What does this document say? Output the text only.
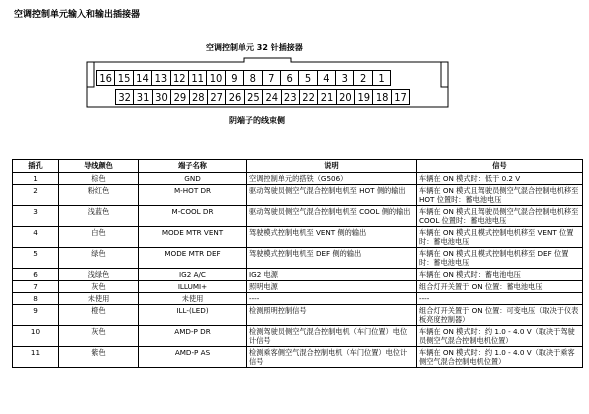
空调控制单元输入和输出插接器
空调控制单元 32 针插接器
16 15 14 13 12 11 10 9	8	7	6	5	4	3	2	1
32 31 30 29 28 27 26 25 24 23 22 21 20 19 18 17
阴端子的线束侧
插孔	导线颜色	端子名称	说明	信号
1	棕色	GND	空调控制单元的搭铁（G506）	车辆在 ON 模式时：低于 0.2 V
2	粉红色	M-HOT DR	驱动驾驶员侧空气混合控制电机至 HOT 侧的输出	车辆在 ON 模式且驾驶员侧空气混合控制电机移至 HOT 位置时：蓄电池电压
3	浅蓝色	M-COOL DR	驱动驾驶员侧空气混合控制电机至 COOL 侧的输出	车辆在 ON 模式且驾驶员侧空气混合控制电机移至 COOL 位置时：蓄电池电压
4	白色	MODE MTR VENT	驾驶模式控制电机至 VENT 侧的输出	车辆在 ON 模式且模式控制电机移至 VENT 位置时：蓄电池电压
5	绿色	MODE MTR DEF	驾驶模式控制电机至 DEF 侧的输出	车辆在 ON 模式且模式控制电机移至 DEF 位置时：蓄电池电压
6	浅绿色	IG2 A/C	IG2 电源	车辆在 ON 模式时：蓄电池电压
7	灰色	ILLUMI+	照明电源	组合灯开关置于 ON 位置：蓄电池电压
8	未使用	未使用	----	----
9	橙色	ILL-(LED)	检测照明控制信号	组合灯开关置于 ON 位置：可变电压（取决于仪表板亮度控制器）
10	灰色	AMD-P DR	检测驾驶员侧空气混合控制电机（车门位置）电位计信号	车辆在 ON 模式时：约 1.0 - 4.0 V（取决于驾驶员侧空气混合控制电机位置）
11	紫色	AMD-P AS	检测乘客侧空气混合控制电机（车门位置）电位计信号	车辆在 ON 模式时：约 1.0 - 4.0 V（取决于乘客侧空气混合控制电机位置）
